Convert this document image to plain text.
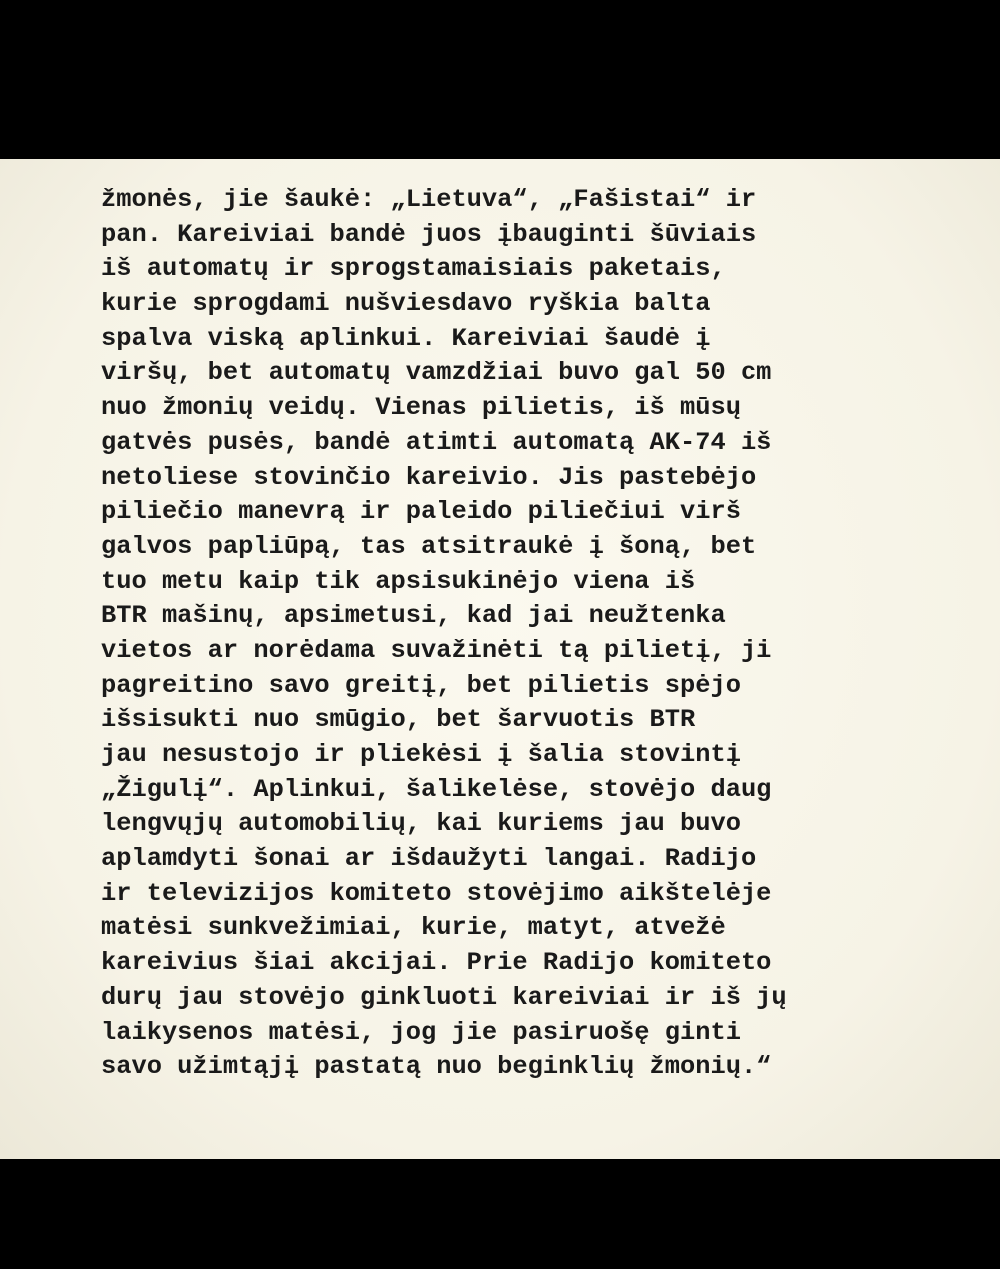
žmonės, jie šaukė: „Lietuva“, „Fašistai“ ir
pan. Kareiviai bandė juos įbauginti šūviais
iš automatų ir sprogstamaisiais paketais,
kurie sprogdami nušviesdavo ryškia balta
spalva viską aplinkui. Kareiviai šaudė į
viršų, bet automatų vamzdžiai buvo gal 50 cm
nuo žmonių veidų. Vienas pilietis, iš mūsų
gatvės pusės, bandė atimti automatą AK-74 iš
netoliese stovinčio kareivio. Jis pastebėjo
piliečio manevrą ir paleido piliečiui virš
galvos papliūpą, tas atsitraukė į šoną, bet
tuo metu kaip tik apsisukinėjo viena iš
BTR mašinų, apsimetusi, kad jai neužtenka
vietos ar norėdama suvažinėti tą pilietį, ji
pagreitino savo greitį, bet pilietis spėjo
išsisukti nuo smūgio, bet šarvuotis BTR
jau nesustojo ir pliekėsi į šalia stovintį
„Žigulį“. Aplinkui, šalikelėse, stovėjo daug
lengvųjų automobilių, kai kuriems jau buvo
aplamdyti šonai ar išdaužyti langai. Radijo
ir televizijos komiteto stovėjimo aikštelėje
matėsi sunkvežimiai, kurie, matyt, atvežė
kareivius šiai akcijai. Prie Radijo komiteto
durų jau stovėjo ginkluoti kareiviai ir iš jų
laikysenos matėsi, jog jie pasiruošę ginti
savo užimtąjį pastatą nuo beginklių žmonių.“
